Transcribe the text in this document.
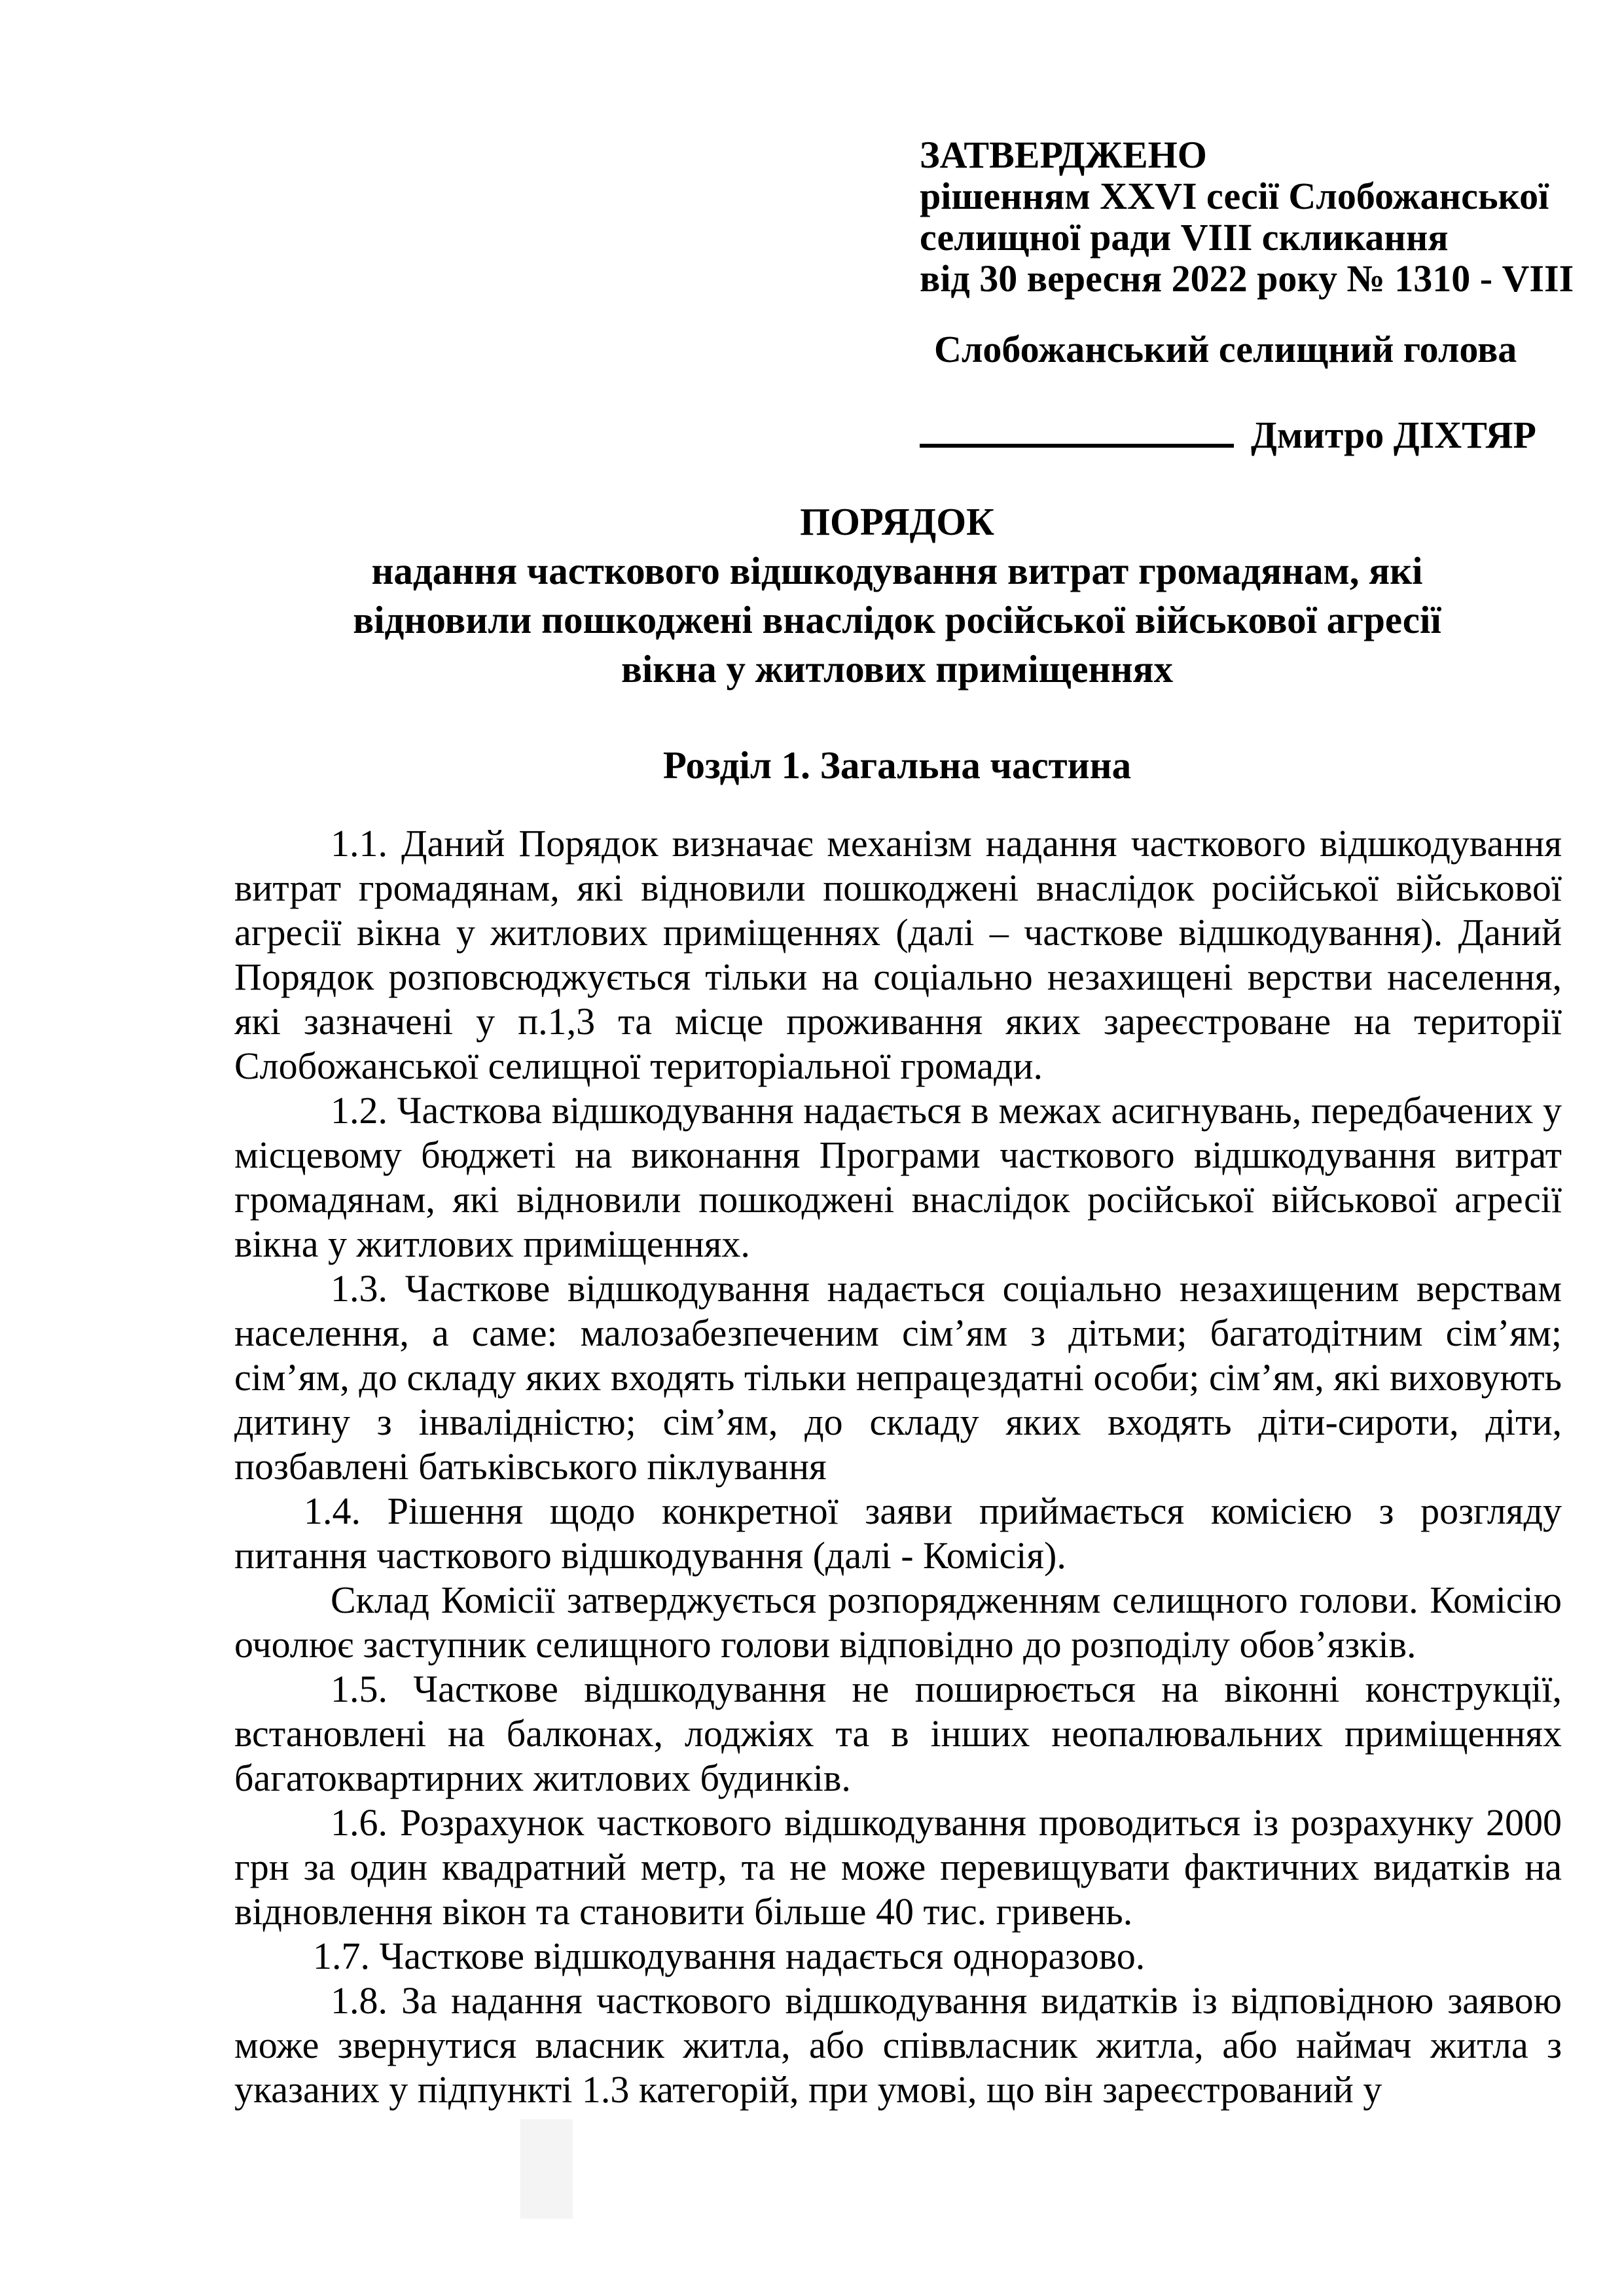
ЗАТВЕРДЖЕНО
рішенням XXVI сесії Слобожанської
селищної ради VIII скликання
від 30 вересня 2022 року № 1310 - VIII
Слобожанський селищний голова
Дмитро ДІХТЯР
ПОРЯДОК
надання часткового відшкодування витрат громадянам, які
відновили пошкоджені внаслідок російської військової агресії
вікна у житлових приміщеннях
Розділ 1. Загальна частина

1.1. Даний Порядок визначає механізм надання часткового відшкодування витрат громадянам, які відновили пошкоджені внаслідок російської військової агресії вікна у житлових приміщеннях (далі – часткове відшкодування). Даний Порядок розповсюджується тільки на соціально незахищені верстви населення, які зазначені у п.1,3 та місце проживання яких зареєстроване на території Слобожанської селищної територіальної громади.

1.2. Часткова відшкодування надається в межах асигнувань, передбачених у місцевому бюджеті на виконання Програми часткового відшкодування витрат громадянам, які відновили пошкоджені внаслідок російської військової агресії вікна у житлових приміщеннях.

1.3. Часткове відшкодування надається соціально незахищеним верствам населення, а саме: малозабезпеченим сім’ям з дітьми; багатодітним сім’ям; сім’ям, до складу яких входять тільки непрацездатні особи; сім’ям, які виховують дитину з інвалідністю; сім’ям, до складу яких входять діти-сироти, діти, позбавлені батьківського піклування

1.4. Рішення щодо конкретної заяви приймається комісією з розгляду питання часткового відшкодування (далі - Комісія).

Склад Комісії затверджується розпорядженням селищного голови. Комісію очолює заступник селищного голови відповідно до розподілу обов’язків.

1.5. Часткове відшкодування не поширюється на віконні конструкції, встановлені на балконах, лоджіях та в інших неопалювальних приміщеннях багатоквартирних житлових будинків.

1.6. Розрахунок часткового відшкодування проводиться із розрахунку 2000 грн за один квадратний метр, та не може перевищувати фактичних видатків на відновлення вікон та становити більше 40 тис. гривень.

1.7. Часткове відшкодування надається одноразово.

1.8. За надання часткового відшкодування видатків із відповідною заявою може звернутися власник житла, або співвласник житла, або наймач житла з указаних у підпункті 1.3 категорій, при умові, що він зареєстрований у
